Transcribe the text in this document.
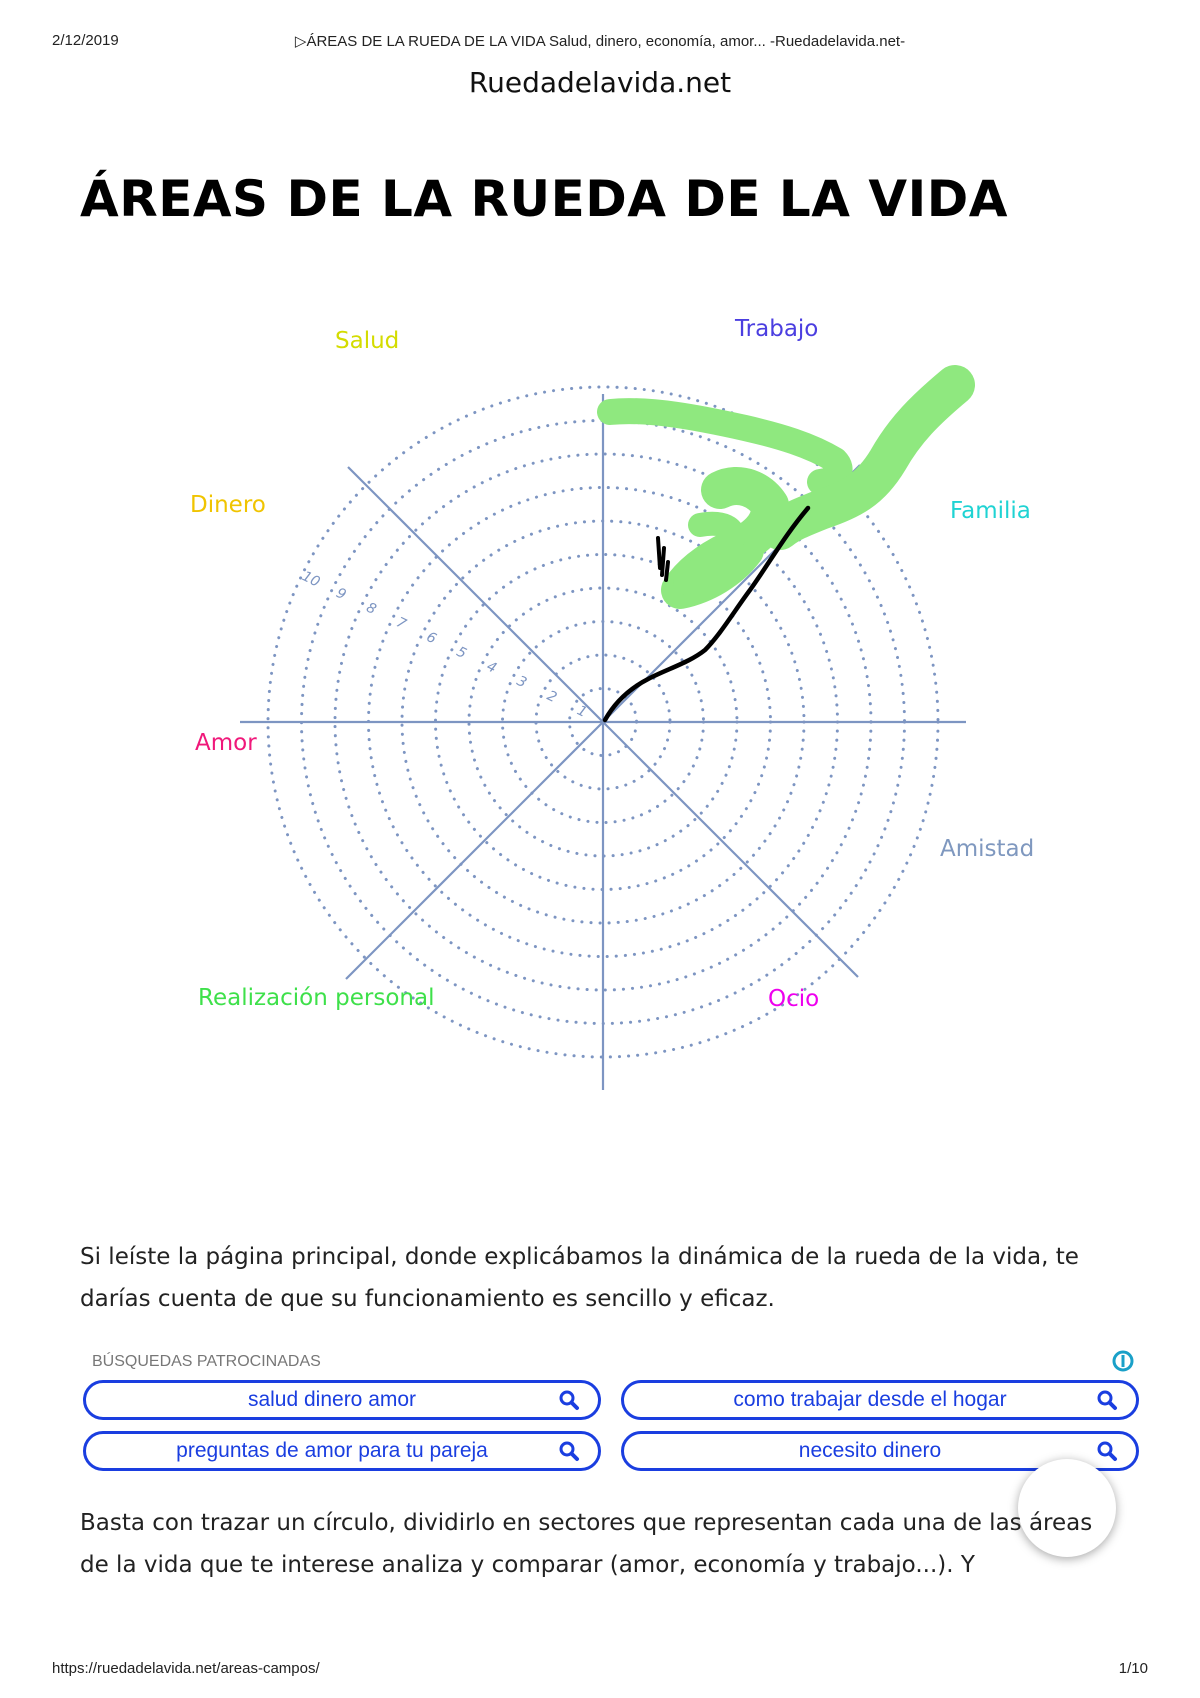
2/12/2019	▷ÁREAS DE LA RUEDA DE LA VIDA Salud, dinero, economía, amor... -Ruedadelavida.net-
Ruedadelavida.net
ÁREAS DE LA RUEDA DE LA VIDA
1
2
3
4
5
6
7
8
9
10
Salud	Trabajo
Dinero	Familia
Amor
Amistad
Realización personal	Ocio

Si leíste la página principal, donde explicábamos la dinámica de la rueda de la vida, te darías cuenta de que su funcionamiento es sencillo y eficaz.

BÚSQUEDAS PATROCINADAS
salud dinero amor	como trabajar desde el hogar
preguntas de amor para tu pareja	necesito dinero

Basta con trazar un círculo, dividirlo en sectores que representan cada una de las áreas de la vida que te interese analiza y comparar (amor, economía y trabajo...). Y

https://ruedadelavida.net/areas-campos/	1/10
